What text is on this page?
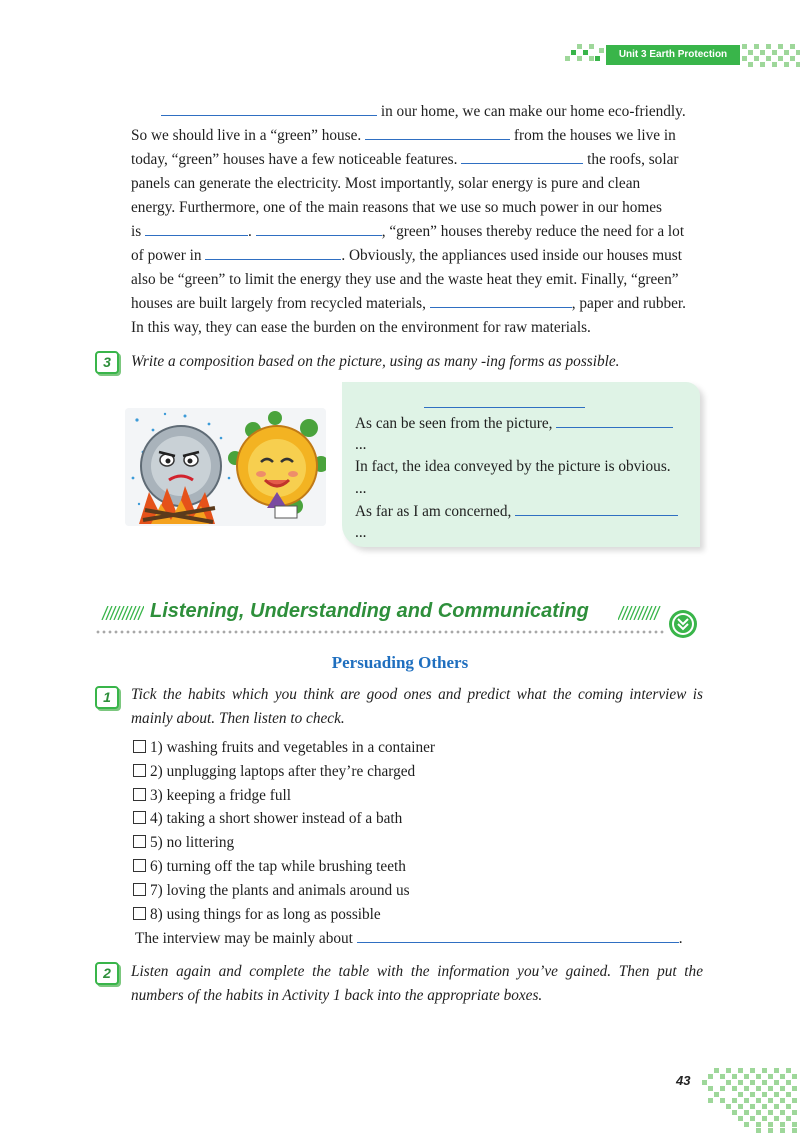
Unit 3 Earth Protection
in our home, we can make our home eco-friendly.
So we should live in a “green” house.	from the houses we live in
today, “green” houses have a few noticeable features.	the roofs, solar
panels can generate the electricity. Most importantly, solar energy is pure and clean
energy. Furthermore, one of the main reasons that we use so much power in our homes
is	.	, “green” houses thereby reduce the need for a lot
of power in	. Obviously, the appliances used inside our houses must
also be “green” to limit the energy they use and the waste heat they emit. Finally, “green”
houses are built largely from recycled materials,	, paper and rubber.
In this way, they can ease the burden on the environment for raw materials.
3	Write a composition based on the picture, using as many -ing forms as possible.
As can be seen from the picture,
...
In fact, the idea conveyed by the picture is obvious.
...
As far as I am concerned,
...
Listening, Understanding and Communicating
Persuading Others
1	Tick the habits which you think are good ones and predict what the coming interview is mainly about. Then listen to check.
1) washing fruits and vegetables in a container
2) unplugging laptops after they’re charged
3) keeping a fridge full
4) taking a short shower instead of a bath
5) no littering
6) turning off the tap while brushing teeth
7) loving the plants and animals around us
8) using things for as long as possible
The interview may be mainly about	.
2	Listen again and complete the table with the information you’ve gained. Then put the numbers of the habits in Activity 1 back into the appropriate boxes.
43
